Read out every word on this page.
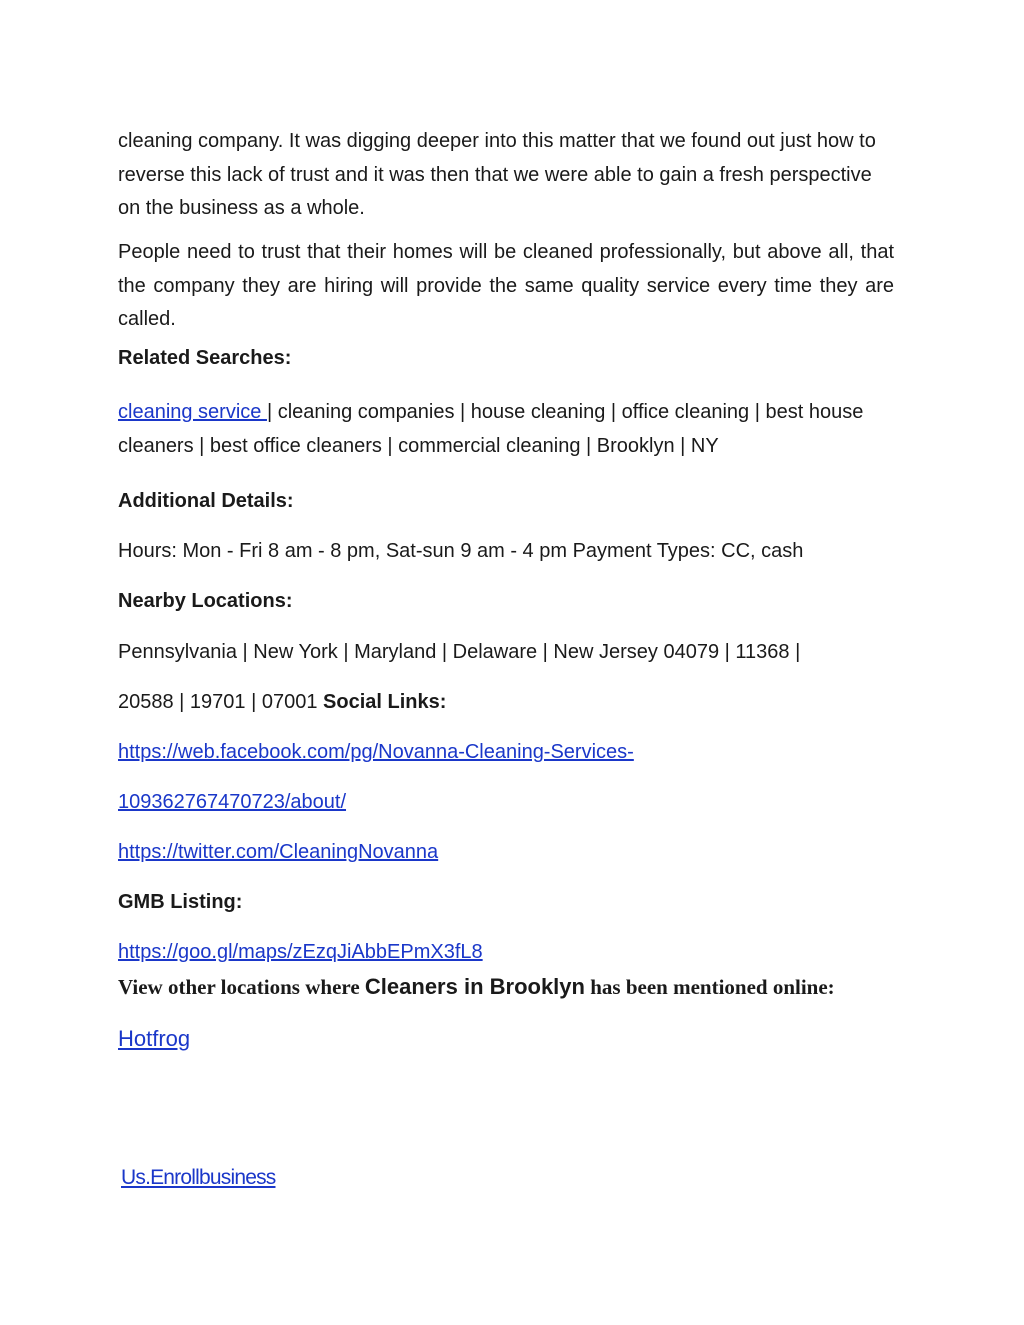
cleaning company. It was digging deeper into this matter that we found out just how to reverse this lack of trust and it was then that we were able to gain a fresh perspective on the business as a whole.

People need to trust that their homes will be cleaned professionally, but above all, that the company they are hiring will provide the same quality service every time they are called.

Related Searches:

cleaning service | cleaning companies | house cleaning | office cleaning | best house cleaners | best office cleaners | commercial cleaning | Brooklyn | NY

Additional Details:

Hours: Mon - Fri 8 am - 8 pm, Sat-sun 9 am - 4 pm Payment Types: CC, cash

Nearby Locations:

Pennsylvania | New York | Maryland | Delaware | New Jersey 04079 | 11368 |

20588 | 19701 | 07001 Social Links:

https://web.facebook.com/pg/Novanna-Cleaning-Services-

109362767470723/about/

https://twitter.com/CleaningNovanna

GMB Listing:

https://goo.gl/maps/zEzqJiAbbEPmX3fL8

View other locations where Cleaners in Brooklyn has been mentioned online:

Hotfrog

Us.Enrollbusiness
